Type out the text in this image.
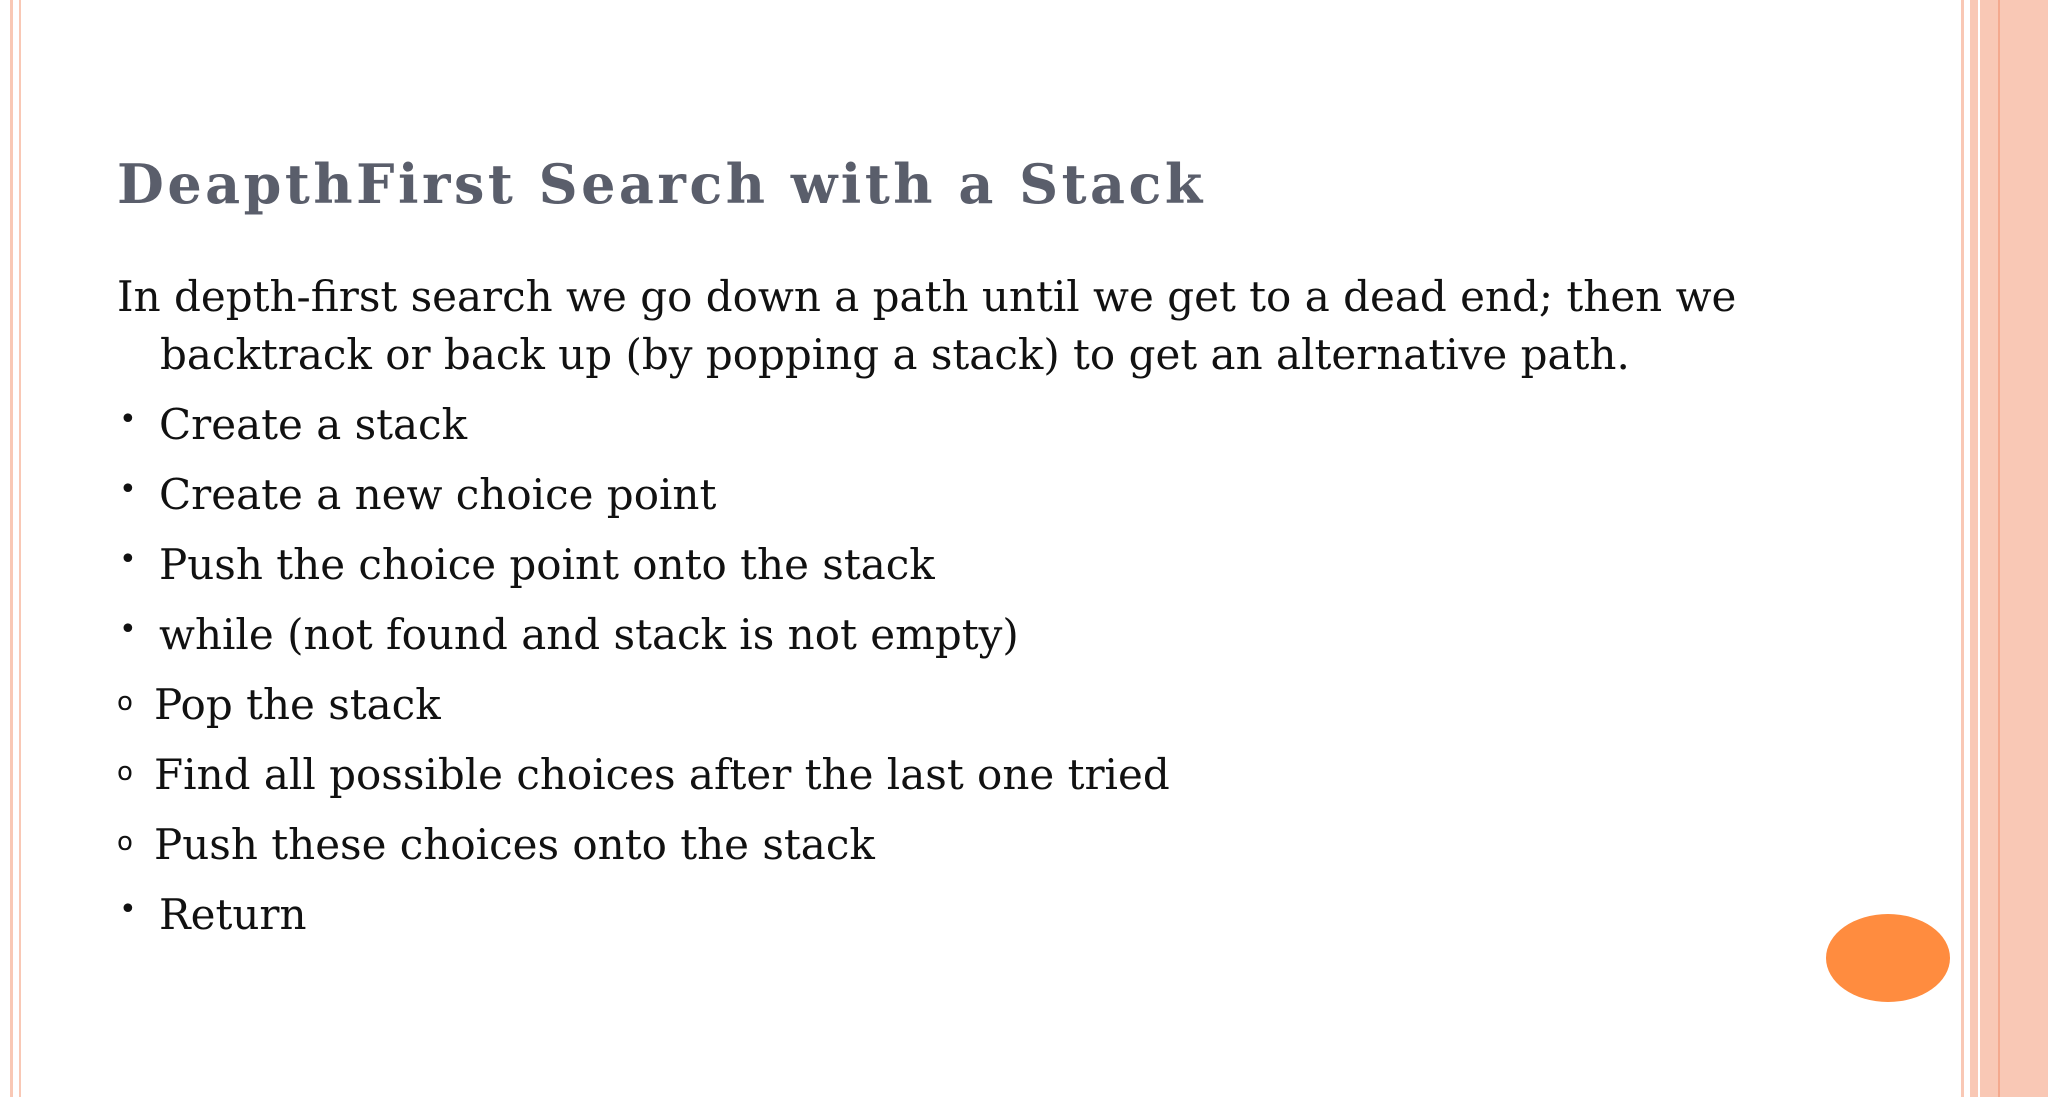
DeapthFirst Search with a Stack

In depth-first search we go down a path until we get to a dead end; then we backtrack or back up (by popping a stack) to get an alternative path.

• Create a stack
• Create a new choice point
• Push the choice point onto the stack
• while (not found and stack is not empty)
o Pop the stack
o Find all possible choices after the last one tried
o Push these choices onto the stack
• Return
